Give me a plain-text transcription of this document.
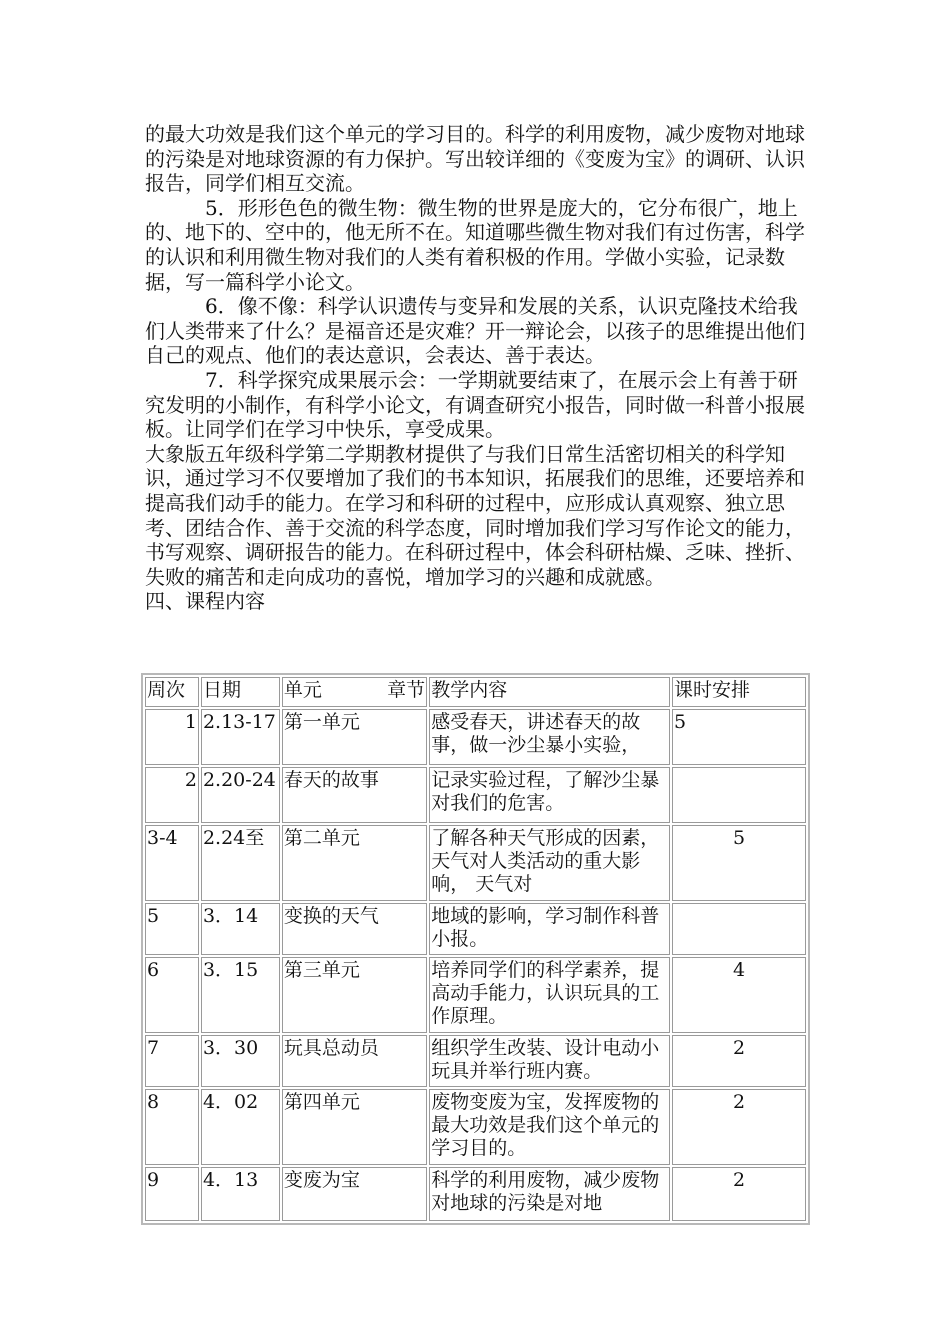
的最大功效是我们这个单元的学习目的。科学的利用废物，减少废物对地球的污染是对地球资源的有力保护。写出较详细的《变废为宝》的调研、认识报告，同学们相互交流。

5．形形色色的微生物：微生物的世界是庞大的，它分布很广，地上的、地下的、空中的，他无所不在。知道哪些微生物对我们有过伤害，科学的认识和利用微生物对我们的人类有着积极的作用。学做小实验，记录数据，写一篇科学小论文。

6．像不像：科学认识遗传与变异和发展的关系，认识克隆技术给我们人类带来了什么？是福音还是灾难？开一辩论会，以孩子的思维提出他们自己的观点、他们的表达意识，会表达、善于表达。

7．科学探究成果展示会：一学期就要结束了，在展示会上有善于研究发明的小制作，有科学小论文，有调查研究小报告，同时做一科普小报展板。让同学们在学习中快乐，享受成果。

大象版五年级科学第二学期教材提供了与我们日常生活密切相关的科学知识，通过学习不仅要增加了我们的书本知识，拓展我们的思维，还要培养和提高我们动手的能力。在学习和科研的过程中，应形成认真观察、独立思考、团结合作、善于交流的科学态度，同时增加我们学习写作论文的能力，书写观察、调研报告的能力。在科研过程中，体会科研枯燥、乏味、挫折、失败的痛苦和走向成功的喜悦，增加学习的兴趣和成就感。

四、课程内容

周次	日期	单元 章节	教学内容	课时安排
1	2.13-17	第一单元	感受春天，讲述春天的故事，做一沙尘暴小实验，	5
2	2.20-24	春天的故事	记录实验过程，了解沙尘暴对我们的危害。	
3-4	2.24至	第二单元	了解各种天气形成的因素，天气对人类活动的重大影响， 天气对	5
5	3．14	变换的天气	地域的影响，学习制作科普小报。	
6	3．15	第三单元	培养同学们的科学素养，提高动手能力，认识玩具的工作原理。	4
7	3．30	玩具总动员	组织学生改装、设计电动小玩具并举行班内赛。	2
8	4．02	第四单元	废物变废为宝，发挥废物的最大功效是我们这个单元的学习目的。	2
9	4．13	变废为宝	科学的利用废物，减少废物对地球的污染是对地	2
